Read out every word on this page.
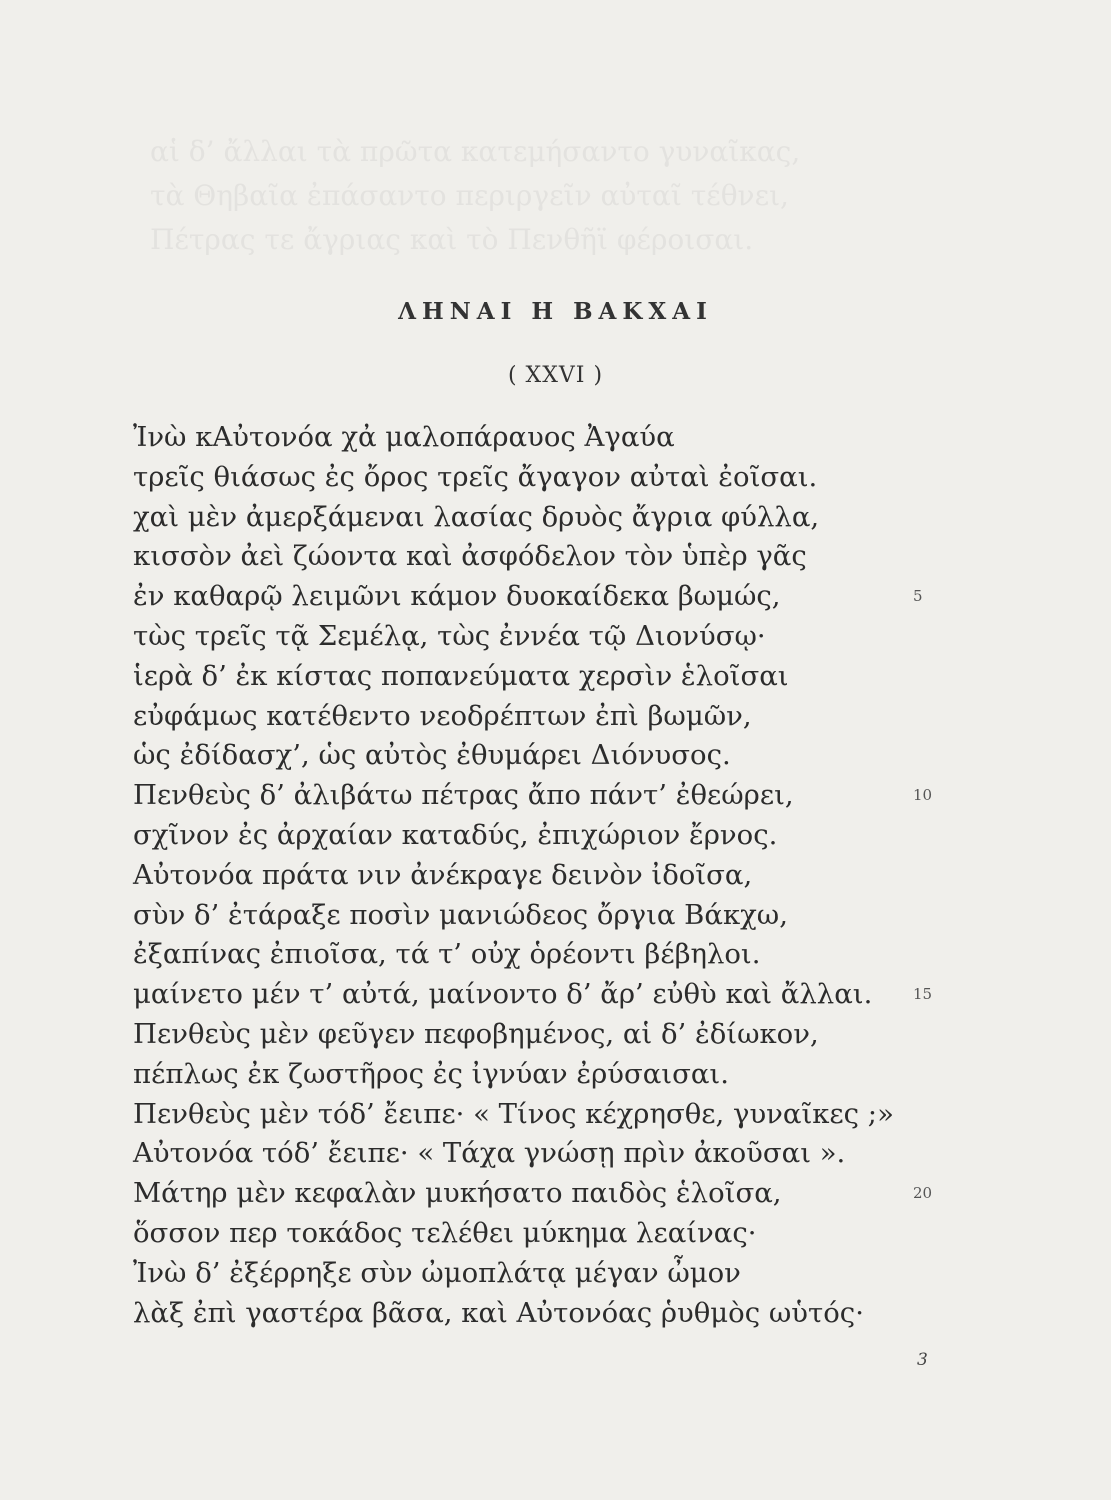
αἱ δ’ ἄλλαι τὰ πρῶτα κατεμήσαντο γυναῖκας,
τὰ Θηβαῖα ἐπάσαντο περιργεῖν αὐταῖ τέθνει,
Πέτρας τε ἄγριας καὶ τὸ Πενθῆϊ φέροισαι.
ΛΗΝΑΙ Η ΒΑΚΧΑΙ
( XXVI )
Ἰνὼ κΑὐτονόα χἀ μαλοπάραυος Ἀγαύα
τρεῖς θιάσως ἐς ὄρος τρεῖς ἄγαγον αὐταὶ ἐοῖσαι.
χαὶ μὲν ἀμερξάμεναι λασίας δρυὸς ἄγρια φύλλα,
κισσὸν ἀεὶ ζώοντα καὶ ἀσφόδελον τὸν ὑπὲρ γᾶς
ἐν καθαρῷ λειμῶνι κάμον δυοκαίδεκα βωμώς,	5
τὼς τρεῖς τᾷ Σεμέλᾳ, τὼς ἐννέα τῷ Διονύσῳ·
ἱερὰ δ’ ἐκ κίστας ποπανεύματα χερσὶν ἑλοῖσαι
εὐφάμως κατέθεντο νεοδρέπτων ἐπὶ βωμῶν,
ὡς ἐδίδασχ’, ὡς αὐτὸς ἐθυμάρει Διόνυσος.
Πενθεὺς δ’ ἀλιβάτω πέτρας ἄπο πάντ’ ἐθεώρει,	10
σχῖνον ἐς ἀρχαίαν καταδύς, ἐπιχώριον ἔρνος.
Αὐτονόα πράτα νιν ἀνέκραγε δεινὸν ἰδοῖσα,
σὺν δ’ ἐτάραξε ποσὶν μανιώδεος ὄργια Βάκχω,
ἐξαπίνας ἐπιοῖσα, τά τ’ οὐχ ὁρέοντι βέβηλοι.
μαίνετο μέν τ’ αὐτά, μαίνοντο δ’ ἄρ’ εὐθὺ καὶ ἄλλαι.	15
Πενθεὺς μὲν φεῦγεν πεφοβημένος, αἱ δ’ ἐδίωκον,
πέπλως ἐκ ζωστῆρος ἐς ἰγνύαν ἐρύσαισαι.
Πενθεὺς μὲν τόδ’ ἔειπε· « Τίνος κέχρησθε, γυναῖκες ;»
Αὐτονόα τόδ’ ἔειπε· « Τάχα γνώσῃ πρὶν ἀκοῦσαι ».
Μάτηρ μὲν κεφαλὰν μυκήσατο παιδὸς ἑλοῖσα,	20
ὅσσον περ τοκάδος τελέθει μύκημα λεαίνας·
Ἰνὼ δ’ ἐξέρρηξε σὺν ὠμοπλάτᾳ μέγαν ὦμον
λὰξ ἐπὶ γαστέρα βᾶσα, καὶ Αὐτονόας ῥυθμὸς ωὑτός·
3
